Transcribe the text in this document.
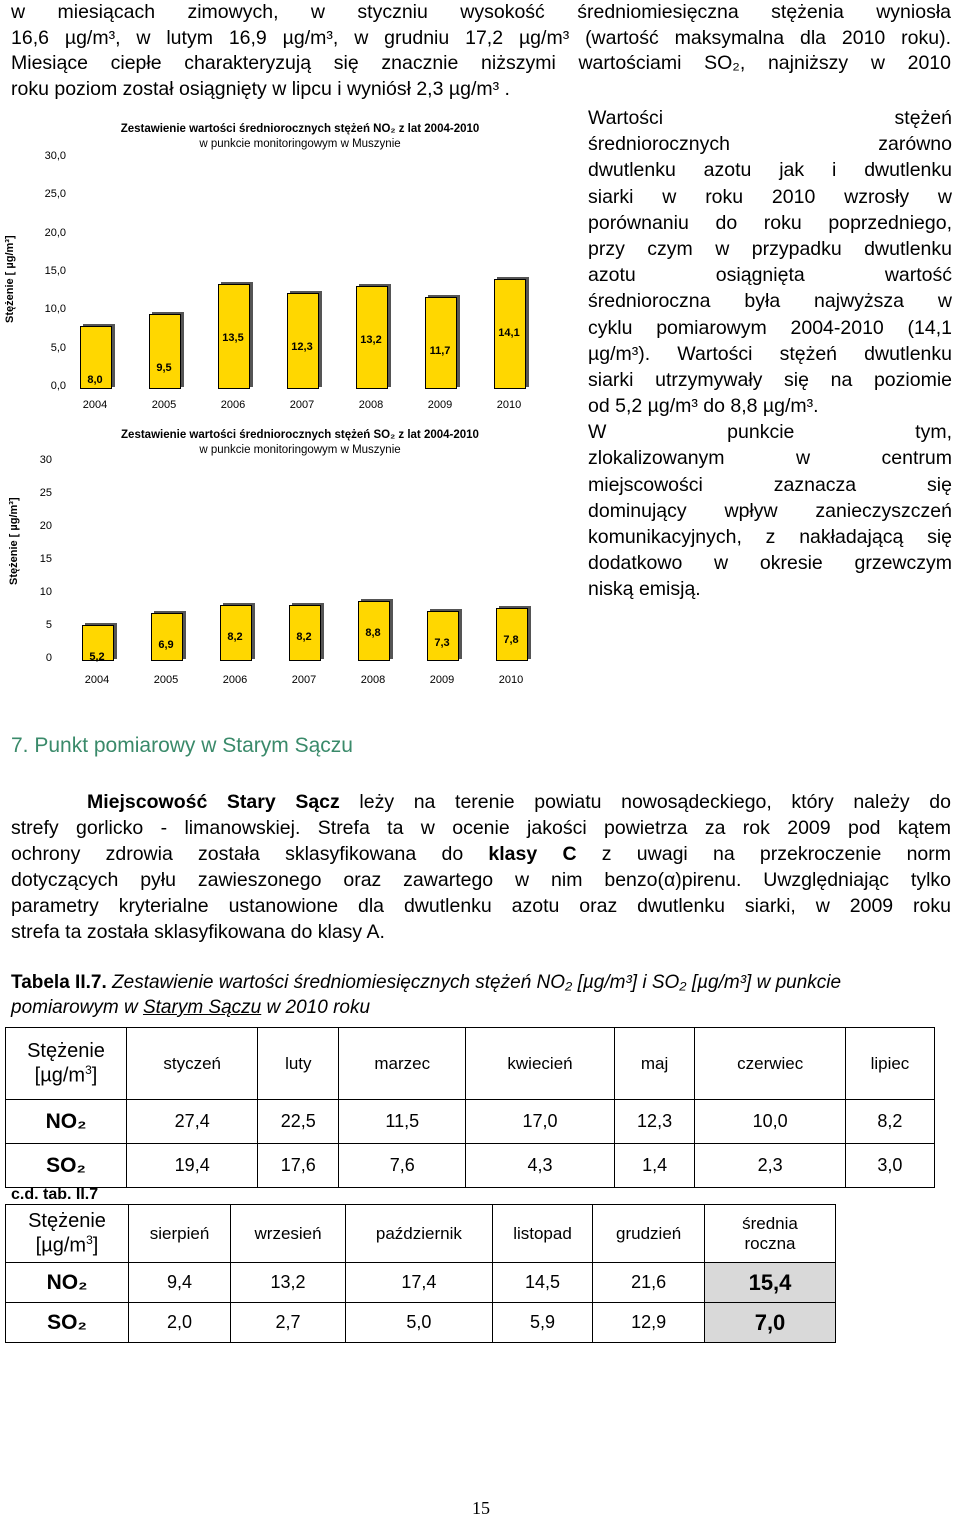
w miesiącach zimowych, w styczniu wysokość średniomiesięczna stężenia wyniosła
16,6 µg/m³, w lutym 16,9 µg/m³, w grudniu 17,2 µg/m³ (wartość maksymalna dla 2010 roku).
Miesiące ciepłe charakteryzują się znacznie niższymi wartościami SO₂, najniższy w 2010
roku poziom został osiągnięty w lipcu i wyniósł 2,3 µg/m³ .
Wartości stężeń
średniorocznych zarówno
dwutlenku azotu jak i dwutlenku
siarki w roku 2010 wzrosły w
porównaniu do roku poprzedniego,
przy czym w przypadku dwutlenku
azotu osiągnięta wartość
średnioroczna była najwyższa w
cyklu pomiarowym 2004-2010 (14,1
µg/m³). Wartości stężeń dwutlenku
siarki utrzymywały się na poziomie
od 5,2 µg/m³ do 8,8 µg/m³.
W punkcie tym,
zlokalizowanym w centrum
miejscowości zaznacza się
dominujący wpływ zanieczyszczeń
komunikacyjnych, z nakładającą się
dodatkowo w okresie grzewczym
niską emisją.
Zestawienie wartości średniorocznych stężeń NO₂ z lat 2004-2010
w punkcie monitoringowym w Muszynie
Stężenie [ µg/m³]
0,0
5,0
10,0
15,0
20,0
25,0
30,0
8,0
2004
9,5
2005
13,5
2006
12,3
2007
13,2
2008
11,7
2009
14,1
2010
Zestawienie wartości średniorocznych stężeń SO₂ z lat 2004-2010
w punkcie monitoringowym w Muszynie
Stężenie [ µg/m³]
0
5
10
15
20
25
30
5,2
2004
6,9
2005
8,2
2006
8,2
2007
8,8
2008
7,3
2009
7,8
2010
7. Punkt pomiarowy w Starym Sączu
Miejscowość Stary Sącz leży na terenie powiatu nowosądeckiego, który należy do
strefy gorlicko - limanowskiej. Strefa ta w ocenie jakości powietrza za rok 2009 pod kątem
ochrony zdrowia została sklasyfikowana do klasy C z uwagi na przekroczenie norm
dotyczących pyłu zawieszonego oraz zawartego w nim benzo(α)pirenu. Uwzględniając tylko
parametry kryterialne ustanowione dla dwutlenku azotu oraz dwutlenku siarki, w 2009 roku
strefa ta została sklasyfikowana do klasy A.
Tabela II.7. Zestawienie wartości średniomiesięcznych stężeń NO₂ [µg/m³] i SO₂ [µg/m³] w punkcie
pomiarowym w Starym Sączu w 2010 roku
Stężenie
$[\mu g/m^3]$	styczeń	luty	marzec	kwiecień	maj	czerwiec	lipiec
NO₂	27,4	22,5	11,5	17,0	12,3	10,0	8,2
SO₂	19,4	17,6	7,6	4,3	1,4	2,3	3,0
c.d. tab. II.7
Stężenie
$[\mu g/m^3]$	sierpień	wrzesień	październik	listopad	grudzień	średnia roczna
NO₂	9,4	13,2	17,4	14,5	21,6	15,4
SO₂	2,0	2,7	5,0	5,9	12,9	7,0
15
